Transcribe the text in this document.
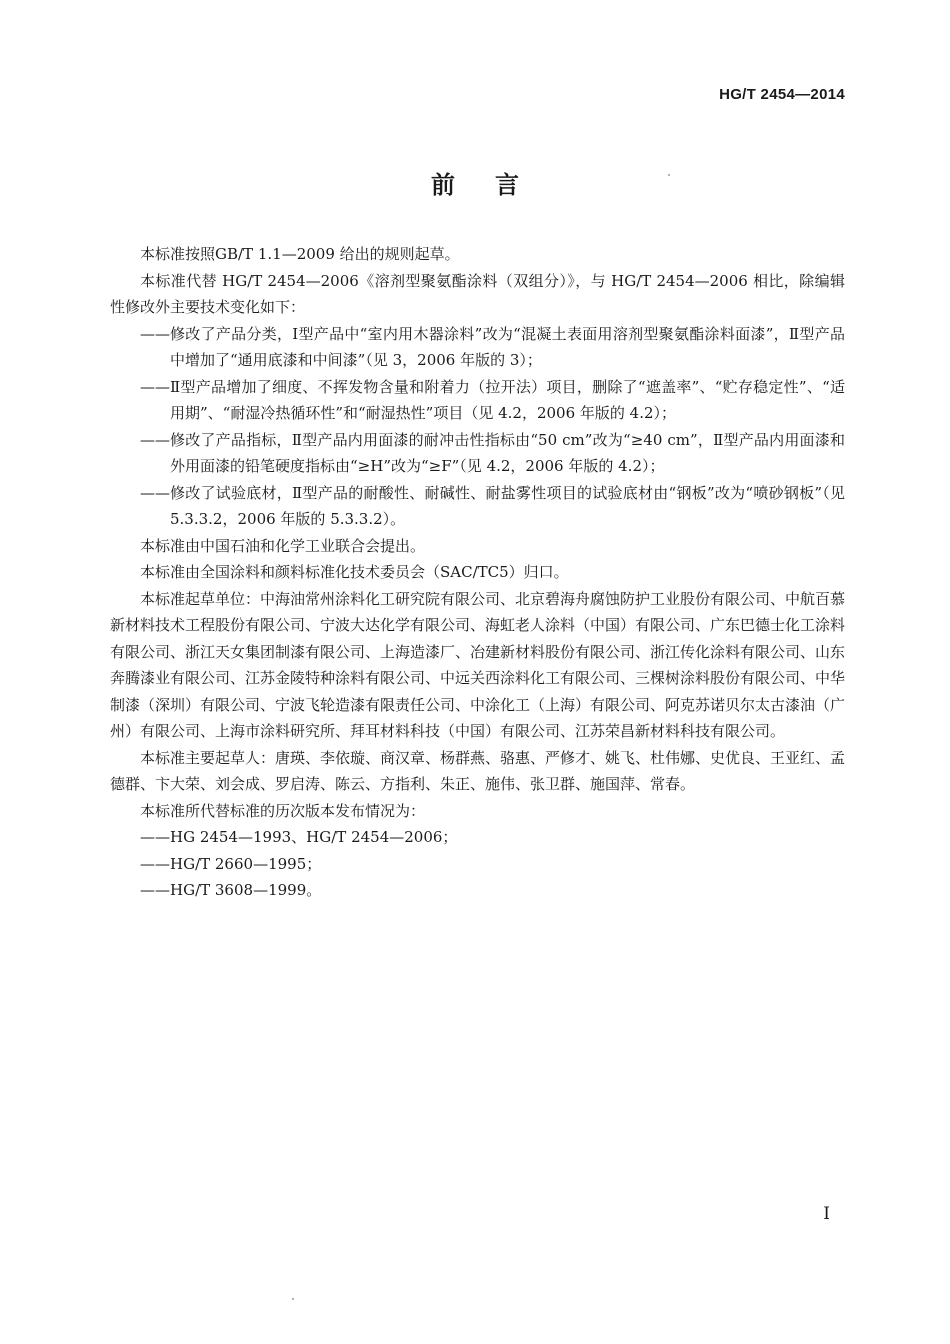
HG/T 2454—2014
前言

本标准按照GB/T 1.1—2009 给出的规则起草。

本标准代替 HG/T 2454—2006《溶剂型聚氨酯涂料（双组分）》，与 HG/T 2454—2006 相比，除编辑性修改外主要技术变化如下：

—— 修改了产品分类，Ⅰ型产品中“室内用木器涂料”改为“混凝土表面用溶剂型聚氨酯涂料面漆”，Ⅱ型产品中增加了“通用底漆和中间漆”（见 3，2006 年版的 3）；
—— Ⅱ型产品增加了细度、不挥发物含量和附着力（拉开法）项目，删除了“遮盖率”、“贮存稳定性”、“适用期”、“耐湿冷热循环性”和“耐湿热性”项目（见 4.2，2006 年版的 4.2）；
—— 修改了产品指标，Ⅱ型产品内用面漆的耐冲击性指标由“50 cm”改为“≥40 cm”，Ⅱ型产品内用面漆和外用面漆的铅笔硬度指标由“≥H”改为“≥F”（见 4.2，2006 年版的 4.2）；
—— 修改了试验底材，Ⅱ型产品的耐酸性、耐碱性、耐盐雾性项目的试验底材由“钢板”改为“喷砂钢板”（见 5.3.3.2，2006 年版的 5.3.3.2）。

本标准由中国石油和化学工业联合会提出。

本标准由全国涂料和颜料标准化技术委员会（SAC/TC5）归口。

本标准起草单位：中海油常州涂料化工研究院有限公司、北京碧海舟腐蚀防护工业股份有限公司、中航百慕新材料技术工程股份有限公司、宁波大达化学有限公司、海虹老人涂料（中国）有限公司、广东巴德士化工涂料有限公司、浙江天女集团制漆有限公司、上海造漆厂、冶建新材料股份有限公司、浙江传化涂料有限公司、山东奔腾漆业有限公司、江苏金陵特种涂料有限公司、中远关西涂料化工有限公司、三棵树涂料股份有限公司、中华制漆（深圳）有限公司、宁波飞轮造漆有限责任公司、中涂化工（上海）有限公司、阿克苏诺贝尔太古漆油（广州）有限公司、上海市涂料研究所、拜耳材料科技（中国）有限公司、江苏荣昌新材料科技有限公司。

本标准主要起草人：唐瑛、李依璇、商汉章、杨群燕、骆惠、严修才、姚飞、杜伟娜、史优良、王亚红、孟德群、卞大荣、刘会成、罗启涛、陈云、方指利、朱正、施伟、张卫群、施国萍、常春。

本标准所代替标准的历次版本发布情况为：

—— HG 2454—1993、HG/T 2454—2006；
—— HG/T 2660—1995；
—— HG/T 3608—1999。
Ⅰ
